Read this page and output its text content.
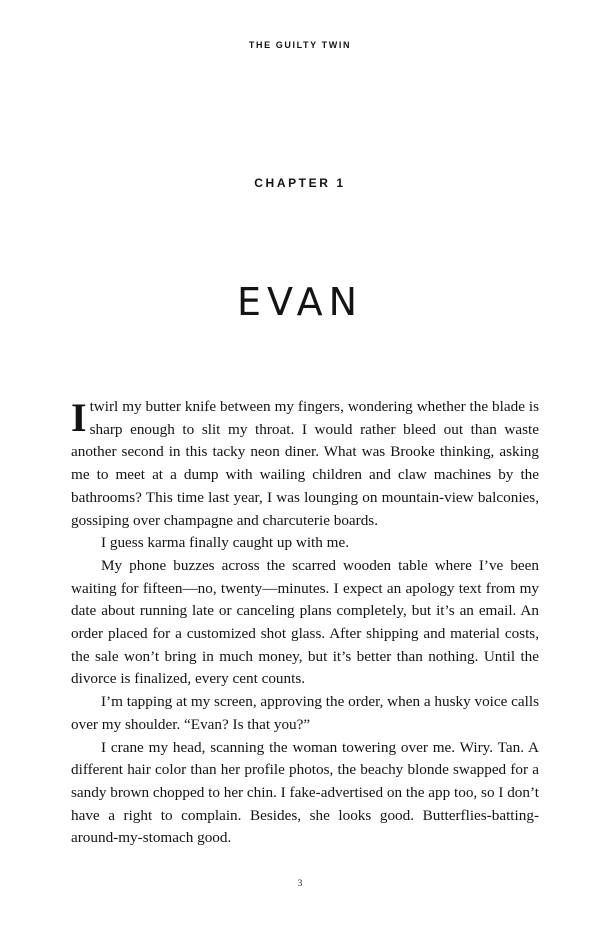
THE GUILTY TWIN
CHAPTER 1
EVAN

I twirl my butter knife between my fingers, wondering whether the blade is sharp enough to slit my throat. I would rather bleed out than waste another second in this tacky neon diner. What was Brooke thinking, asking me to meet at a dump with wailing children and claw machines by the bathrooms? This time last year, I was lounging on mountain-view balconies, gossiping over champagne and charcuterie boards.

I guess karma finally caught up with me.

My phone buzzes across the scarred wooden table where I’ve been waiting for fifteen—no, twenty—minutes. I expect an apology text from my date about running late or canceling plans completely, but it’s an email. An order placed for a customized shot glass. After shipping and material costs, the sale won’t bring in much money, but it’s better than nothing. Until the divorce is finalized, every cent counts.

I’m tapping at my screen, approving the order, when a husky voice calls over my shoulder. “Evan? Is that you?”

I crane my head, scanning the woman towering over me. Wiry. Tan. A different hair color than her profile photos, the beachy blonde swapped for a sandy brown chopped to her chin. I fake-advertised on the app too, so I don’t have a right to complain. Besides, she looks good. Butterflies-batting-around-my-stomach good.

3
